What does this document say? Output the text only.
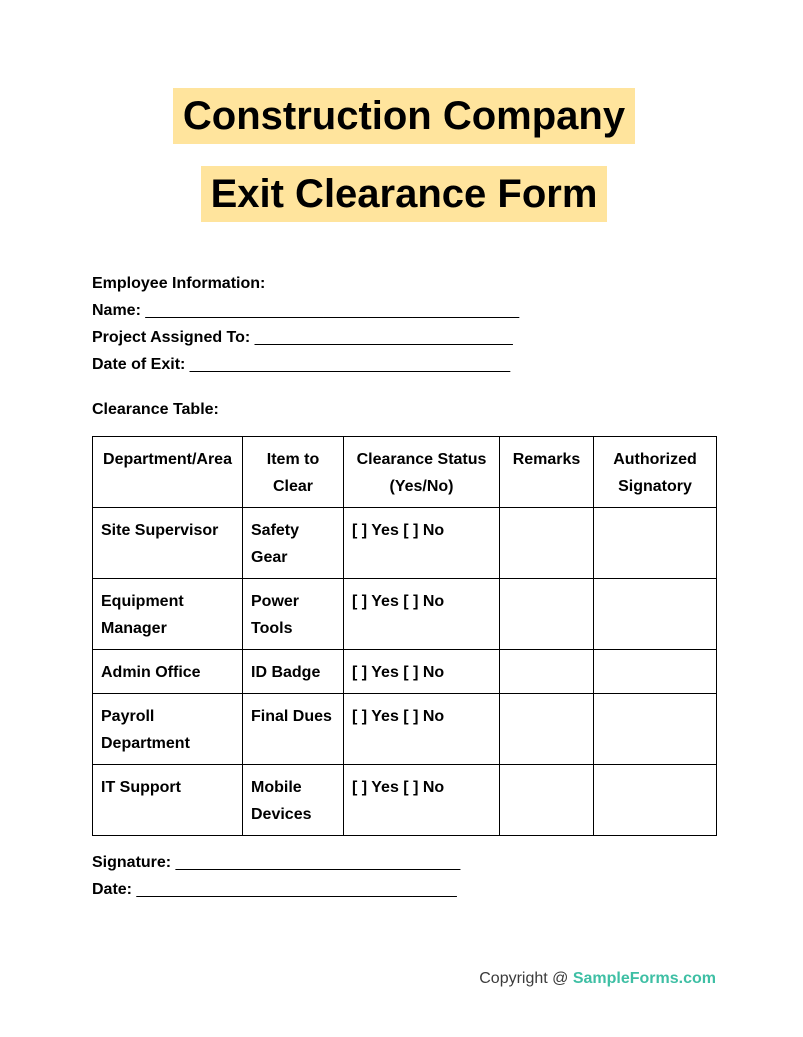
Construction Company
Exit Clearance Form

Employee Information:

Name: __________________________________________

Project Assigned To: _____________________________

Date of Exit: ____________________________________

Clearance Table:

Department/Area	Item to Clear	Clearance Status (Yes/No)	Remarks	Authorized Signatory
Site Supervisor	Safety Gear	[ ] Yes [ ] No		
Equipment Manager	Power Tools	[ ] Yes [ ] No		
Admin Office	ID Badge	[ ] Yes [ ] No		
Payroll Department	Final Dues	[ ] Yes [ ] No		
IT Support	Mobile Devices	[ ] Yes [ ] No		

Signature: ________________________________

Date: ____________________________________

Copyright @ SampleForms.com
